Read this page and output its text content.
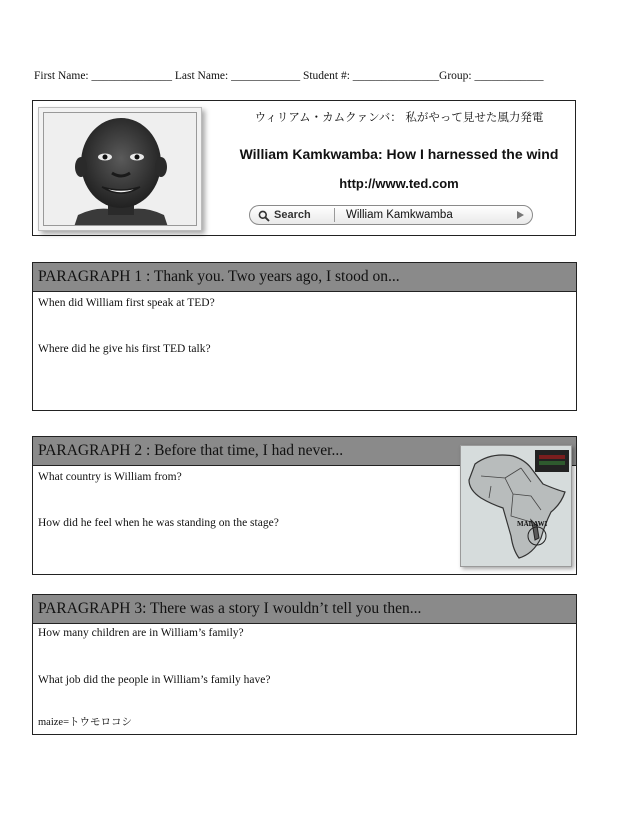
First Name: ______________ Last Name: ____________ Student #: _______________Group: ____________
ウィリアム・カムクァンバ： 私がやって見せた風力発電
William Kamkwamba: How I harnessed the wind
http://www.ted.com
Search	William Kamkwamba
PARAGRAPH 1 : Thank you. Two years ago, I stood on...
When did William first speak at TED?
Where did he give his first TED talk?
PARAGRAPH 2 : Before that time, I had never...
What country is William from?
How did he feel when he was standing on the stage?	MALAWI
PARAGRAPH 3: There was a story I wouldn’t tell you then...
How many children are in William’s family?
What job did the people in William’s family have?
maize=トウモロコシ
